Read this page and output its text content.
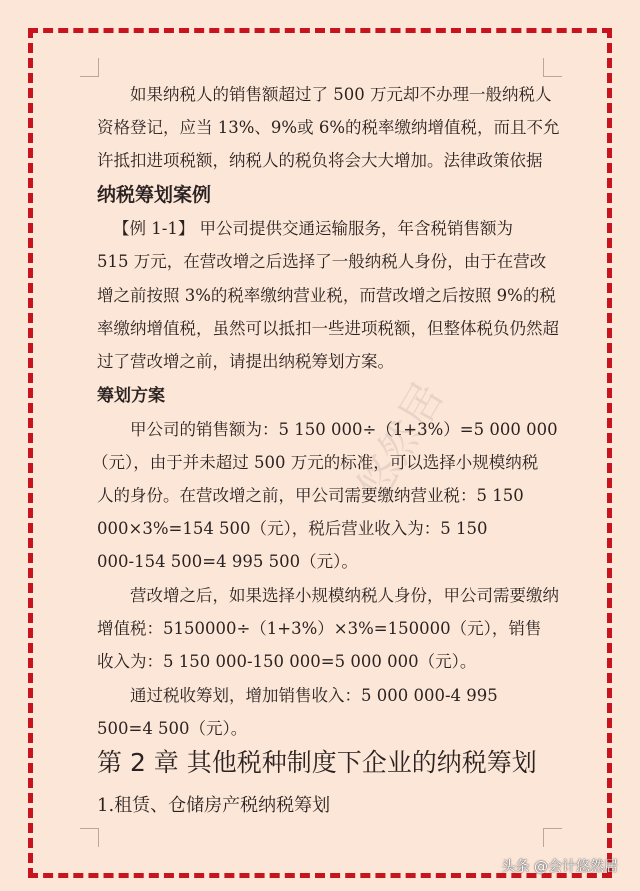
悠然居
如果纳税人的销售额超过了 500 万元却不办理一般纳税人
资格登记，应当 13%、9%或 6%的税率缴纳增值税，而且不允
许抵扣进项税额，纳税人的税负将会大大增加。法律政策依据
纳税筹划案例
【例 1-1】 甲公司提供交通运输服务，年含税销售额为
515 万元，在营改增之后选择了一般纳税人身份，由于在营改
增之前按照 3%的税率缴纳营业税，而营改增之后按照 9%的税
率缴纳增值税，虽然可以抵扣一些进项税额，但整体税负仍然超
过了营改增之前，请提出纳税筹划方案。
筹划方案
甲公司的销售额为：5 150 000÷（1+3%）=5 000 000
（元），由于并未超过 500 万元的标准，可以选择小规模纳税
人的身份。在营改增之前，甲公司需要缴纳营业税：5 150
000×3%=154 500（元），税后营业收入为：5 150
000-154 500=4 995 500（元）。
营改增之后，如果选择小规模纳税人身份，甲公司需要缴纳
增值税：5150000÷（1+3%）×3%=150000（元），销售
收入为：5 150 000-150 000=5 000 000（元）。
通过税收筹划，增加销售收入：5 000 000-4 995
500=4 500（元）。
第 2 章 其他税种制度下企业的纳税筹划
1.租赁、仓储房产税纳税筹划
头条 @会计悠然居
